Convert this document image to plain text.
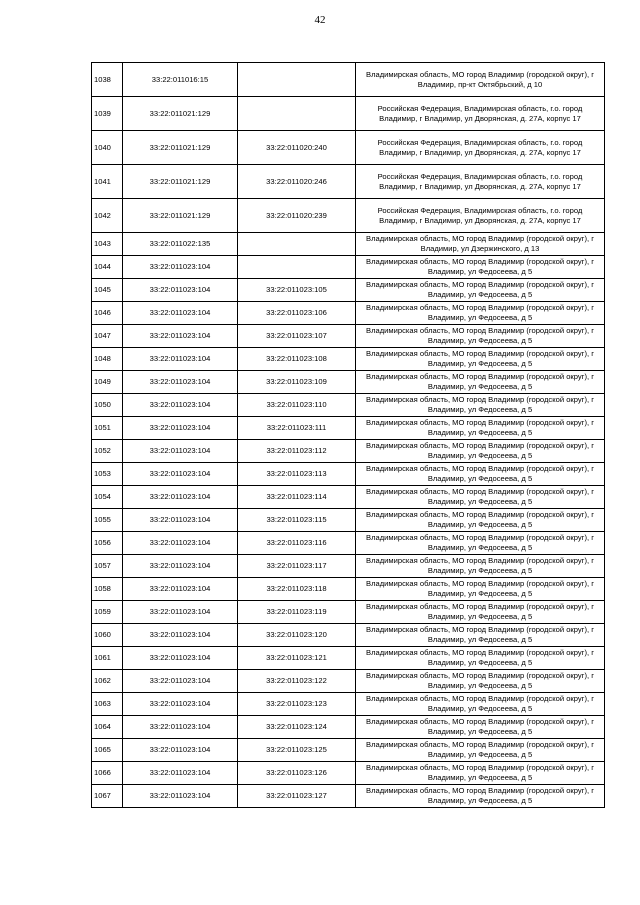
42
1038	33:22:011016:15		Владимирская область, МО город Владимир (городской округ), г Владимир, пр-кт Октябрьский, д 10
1039	33:22:011021:129		Российская Федерация, Владимирская область, г.о. город Владимир, г Владимир, ул Дворянская, д. 27А, корпус 17
1040	33:22:011021:129	33:22:011020:240	Российская Федерация, Владимирская область, г.о. город Владимир, г Владимир, ул Дворянская, д. 27А, корпус 17
1041	33:22:011021:129	33:22:011020:246	Российская Федерация, Владимирская область, г.о. город Владимир, г Владимир, ул Дворянская, д. 27А, корпус 17
1042	33:22:011021:129	33:22:011020:239	Российская Федерация, Владимирская область, г.о. город Владимир, г Владимир, ул Дворянская, д. 27А, корпус 17
1043	33:22:011022:135		Владимирская область, МО город Владимир (городской округ), г Владимир, ул Дзержинского, д 13
1044	33:22:011023:104		Владимирская область, МО город Владимир (городской округ), г Владимир, ул Федосеева, д 5
1045	33:22:011023:104	33:22:011023:105	Владимирская область, МО город Владимир (городской округ), г Владимир, ул Федосеева, д 5
1046	33:22:011023:104	33:22:011023:106	Владимирская область, МО город Владимир (городской округ), г Владимир, ул Федосеева, д 5
1047	33:22:011023:104	33:22:011023:107	Владимирская область, МО город Владимир (городской округ), г Владимир, ул Федосеева, д 5
1048	33:22:011023:104	33:22:011023:108	Владимирская область, МО город Владимир (городской округ), г Владимир, ул Федосеева, д 5
1049	33:22:011023:104	33:22:011023:109	Владимирская область, МО город Владимир (городской округ), г Владимир, ул Федосеева, д 5
1050	33:22:011023:104	33:22:011023:110	Владимирская область, МО город Владимир (городской округ), г Владимир, ул Федосеева, д 5
1051	33:22:011023:104	33:22:011023:111	Владимирская область, МО город Владимир (городской округ), г Владимир, ул Федосеева, д 5
1052	33:22:011023:104	33:22:011023:112	Владимирская область, МО город Владимир (городской округ), г Владимир, ул Федосеева, д 5
1053	33:22:011023:104	33:22:011023:113	Владимирская область, МО город Владимир (городской округ), г Владимир, ул Федосеева, д 5
1054	33:22:011023:104	33:22:011023:114	Владимирская область, МО город Владимир (городской округ), г Владимир, ул Федосеева, д 5
1055	33:22:011023:104	33:22:011023:115	Владимирская область, МО город Владимир (городской округ), г Владимир, ул Федосеева, д 5
1056	33:22:011023:104	33:22:011023:116	Владимирская область, МО город Владимир (городской округ), г Владимир, ул Федосеева, д 5
1057	33:22:011023:104	33:22:011023:117	Владимирская область, МО город Владимир (городской округ), г Владимир, ул Федосеева, д 5
1058	33:22:011023:104	33:22:011023:118	Владимирская область, МО город Владимир (городской округ), г Владимир, ул Федосеева, д 5
1059	33:22:011023:104	33:22:011023:119	Владимирская область, МО город Владимир (городской округ), г Владимир, ул Федосеева, д 5
1060	33:22:011023:104	33:22:011023:120	Владимирская область, МО город Владимир (городской округ), г Владимир, ул Федосеева, д 5
1061	33:22:011023:104	33:22:011023:121	Владимирская область, МО город Владимир (городской округ), г Владимир, ул Федосеева, д 5
1062	33:22:011023:104	33:22:011023:122	Владимирская область, МО город Владимир (городской округ), г Владимир, ул Федосеева, д 5
1063	33:22:011023:104	33:22:011023:123	Владимирская область, МО город Владимир (городской округ), г Владимир, ул Федосеева, д 5
1064	33:22:011023:104	33:22:011023:124	Владимирская область, МО город Владимир (городской округ), г Владимир, ул Федосеева, д 5
1065	33:22:011023:104	33:22:011023:125	Владимирская область, МО город Владимир (городской округ), г Владимир, ул Федосеева, д 5
1066	33:22:011023:104	33:22:011023:126	Владимирская область, МО город Владимир (городской округ), г Владимир, ул Федосеева, д 5
1067	33:22:011023:104	33:22:011023:127	Владимирская область, МО город Владимир (городской округ), г Владимир, ул Федосеева, д 5
